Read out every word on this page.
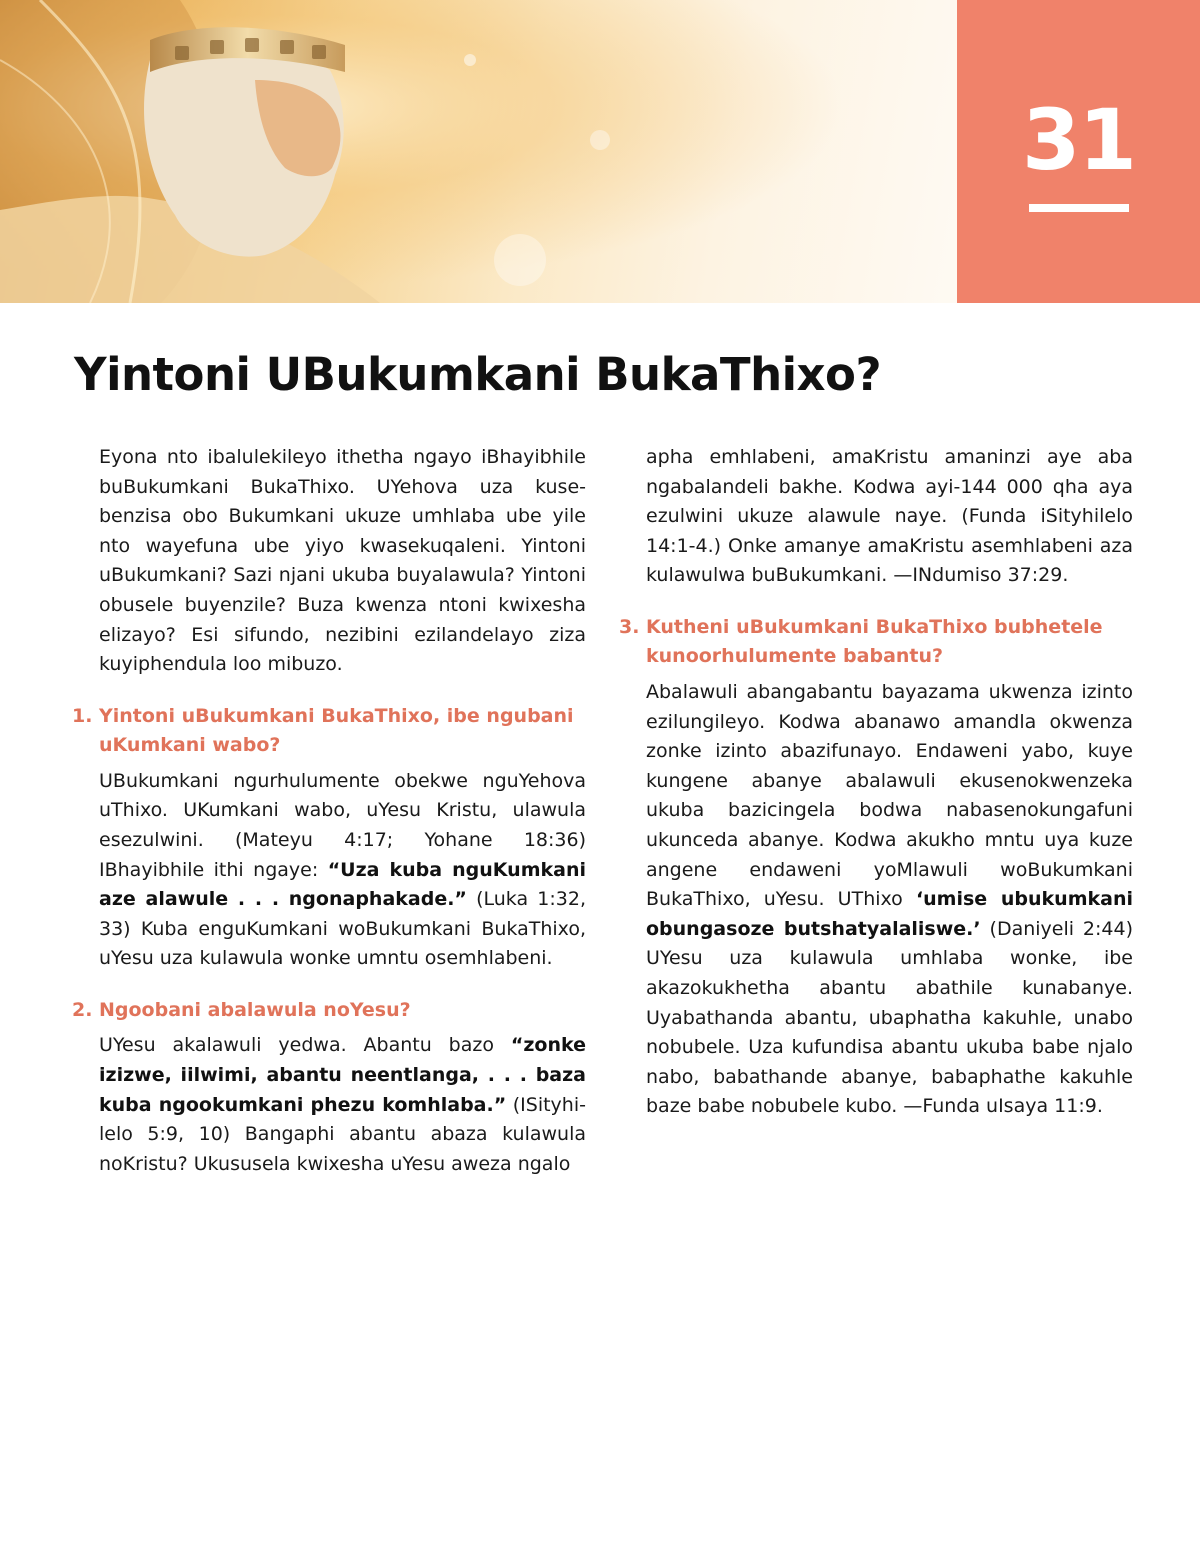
31
Yintoni UBukumkani BukaThixo?

Eyona nto ibalulekileyo ithetha ngayo iBhayibhile buBukumkani BukaThixo. UYehova uza kusebenzisa obo Bukumkani ukuze umhlaba ube yile nto wayefuna ube yiyo kwasekuqaleni. Yintoni uBukumkani? Sazi njani ukuba buyalawula? Yintoni obusele buyenzile? Buza kwenza ntoni kwixesha elizayo? Esi sifundo, nezibini ezilandelayo ziza kuyiphendula loo mibuzo.

1. Yintoni uBukumkani BukaThixo, ibe ngubani uKumkani wabo?

UBukumkani ngurhulumente obekwe nguYehova uThixo. UKumkani wabo, uYesu Kristu, ulawula esezulwini. (Mateyu 4:17; Yohane 18:36) IBhayibhile ithi ngaye: “Uza kuba nguKumkani aze alawule . . . ngonaphakade.” (Luka 1:32, 33) Kuba enguKumkani woBukumkani BukaThixo, uYesu uza kulawula wonke umntu osemhlabeni.

2. Ngoobani abalawula noYesu?

UYesu akalawuli yedwa. Abantu bazo “zonke izizwe, iilwimi, abantu neentlanga, . . . baza kuba ngookumkani phezu komhlaba.” (ISityhilelo 5:9, 10) Bangaphi abantu abaza kulawula noKristu? Ukususela kwixesha uYesu aweza ngalo

apha emhlabeni, amaKristu amaninzi aye aba ngabalandeli bakhe. Kodwa ayi-144 000 qha aya ezulwini ukuze alawule naye. (Funda iSityhilelo 14:1-4.) Onke amanye amaKristu asemhlabeni aza kulawulwa buBukumkani. —INdumiso 37:29.

3. Kutheni uBukumkani BukaThixo bubhetele kunoorhulumente babantu?

Abalawuli abangabantu bayazama ukwenza izinto ezilungileyo. Kodwa abanawo amandla okwenza zonke izinto abazifunayo. Endaweni yabo, kuye kungene abanye abalawuli ekusenokwenzeka ukuba bazicingela bodwa nabasenokungafuni ukunceda abanye. Kodwa akukho mntu uya kuze angene endaweni yoMlawuli woBukumkani BukaThixo, uYesu. UThixo ‘umise ubukumkani obungasoze butshatyalaliswe.’ (Daniyeli 2:44) UYesu uza kulawula umhlaba wonke, ibe akazokukhetha abantu abathile kunabanye. Uyabathanda abantu, ubaphatha kakuhle, unabo nobubele. Uza kufundisa abantu ukuba babe njalo nabo, babathande abanye, babaphathe kakuhle baze babe nobubele kubo. —Funda uIsaya 11:9.
